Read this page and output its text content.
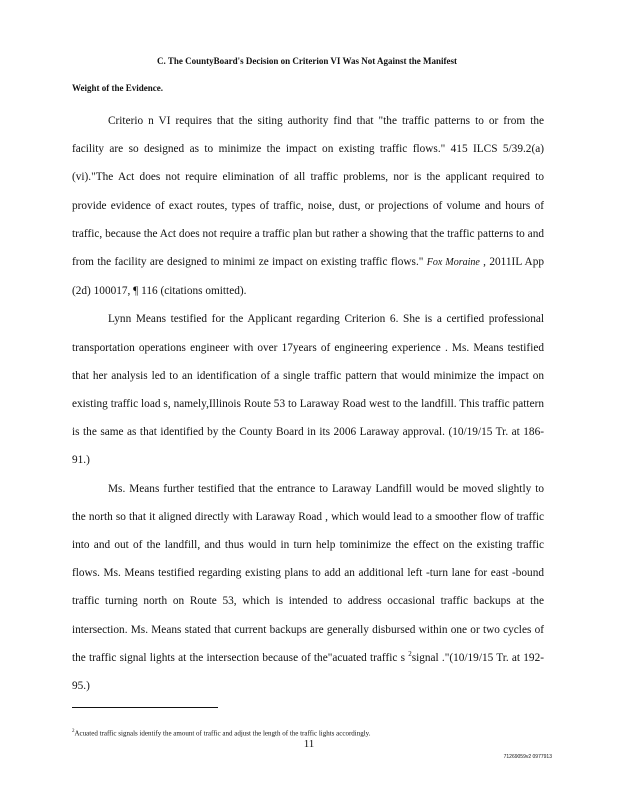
C. The CountyBoard's Decision on Criterion VI Was Not Against the Manifest
Weight of the Evidence.

Criterio n VI requires that the siting authority find that "the traffic patterns to or from the facility are so designed as to minimize the impact on existing traffic flows." 415 ILCS 5/39.2(a)(vi)."The Act does not require elimination of all traffic problems, nor is the applicant required to provide evidence of exact routes, types of traffic, noise, dust, or projections of volume and hours of traffic, because the Act does not require a traffic plan but rather a showing that the traffic patterns to and from the facility are designed to minimi ze impact on existing traffic flows." Fox Moraine , 2011IL App (2d) 100017, ¶ 116 (citations omitted).

Lynn Means testified for the Applicant regarding Criterion 6. She is a certified professional transportation operations engineer with over 17years of engineering experience . Ms. Means testified that her analysis led to an identification of a single traffic pattern that would minimize the impact on existing traffic load s, namely,Illinois Route 53 to Laraway Road west to the landfill. This traffic pattern is the same as that identified by the County Board in its 2006 Laraway approval. (10/19/15 Tr. at 186-91.)

Ms. Means further testified that the entrance to Laraway Landfill would be moved slightly to the north so that it aligned directly with Laraway Road , which would lead to a smoother flow of traffic into and out of the landfill, and thus would in turn help tominimize the effect on the existing traffic flows. Ms. Means testified regarding existing plans to add an additional left -turn lane for east -bound traffic turning north on Route 53, which is intended to address occasional traffic backups at the intersection. Ms. Means stated that current backups are generally disbursed within one or two cycles of the traffic signal lights at the intersection because of the"acuated traffic s $^2$signal ."(10/19/15 Tr. at 192-95.)

$^2$Acuated traffic signals identify the amount of traffic and adjust the length of the traffic lights accordingly.
11
71269059v2 0977913
